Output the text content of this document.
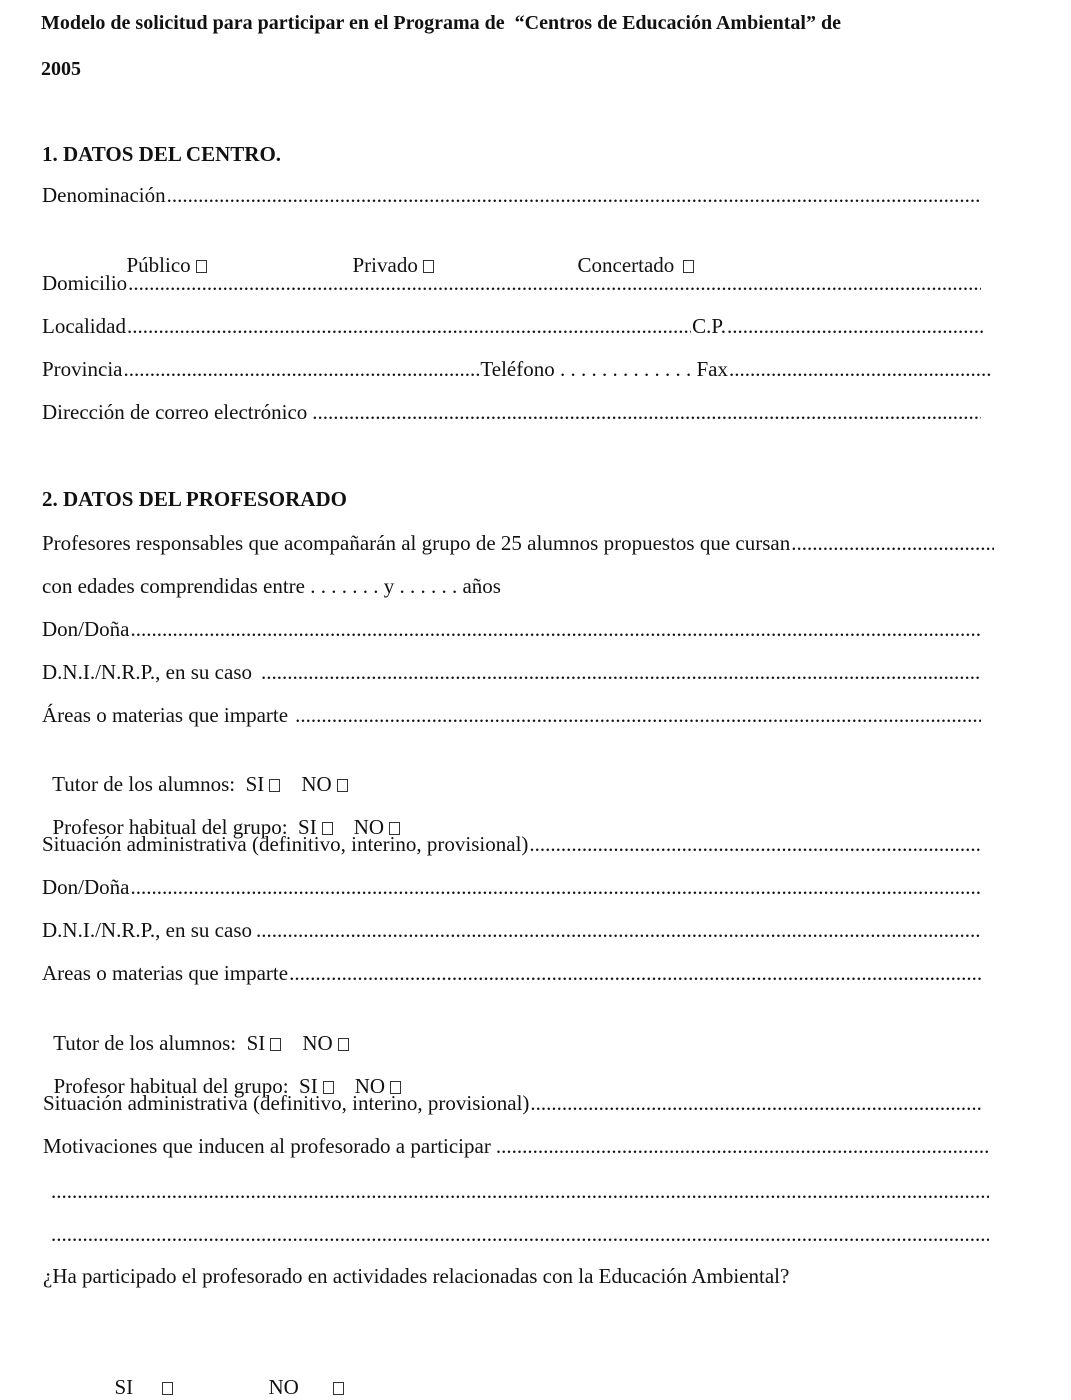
Modelo de solicitud para participar en el Programa de  “Centros de Educación Ambiental” de
2005
1. DATOS DEL CENTRO.
Denominación
.....

Público	Privado	Concertado

Domicilio
.....
Localidad .....	C.P.
.....
Provincia .....	Teléfono . . . . . . . . . . . . . Fax
.....
Dirección de correo electrónico
.....
2. DATOS DEL PROFESORADO
Profesores responsables que acompañarán al grupo de 25 alumnos propuestos que cursan
.....
con edades comprendidas entre . . . . . . . y . . . . . . años
Don/Doña
.....
D.N.I./N.R.P., en su caso
.....
Áreas o materias que imparte
.....

Tutor de los alumnos: SI NO

Profesor habitual del grupo: SI NO

Situación administrativa (definitivo, interino, provisional)
.....
Don/Doña
.....
D.N.I./N.R.P., en su caso
.....
Areas o materias que imparte
.....

Tutor de los alumnos: SI NO

Profesor habitual del grupo: SI NO

Situación administrativa (definitivo, interino, provisional)
.....
Motivaciones que inducen al profesorado a participar
.....
.....
.....
¿Ha participado el profesorado en actividades relacionadas con la Educación Ambiental?

SI	NO
